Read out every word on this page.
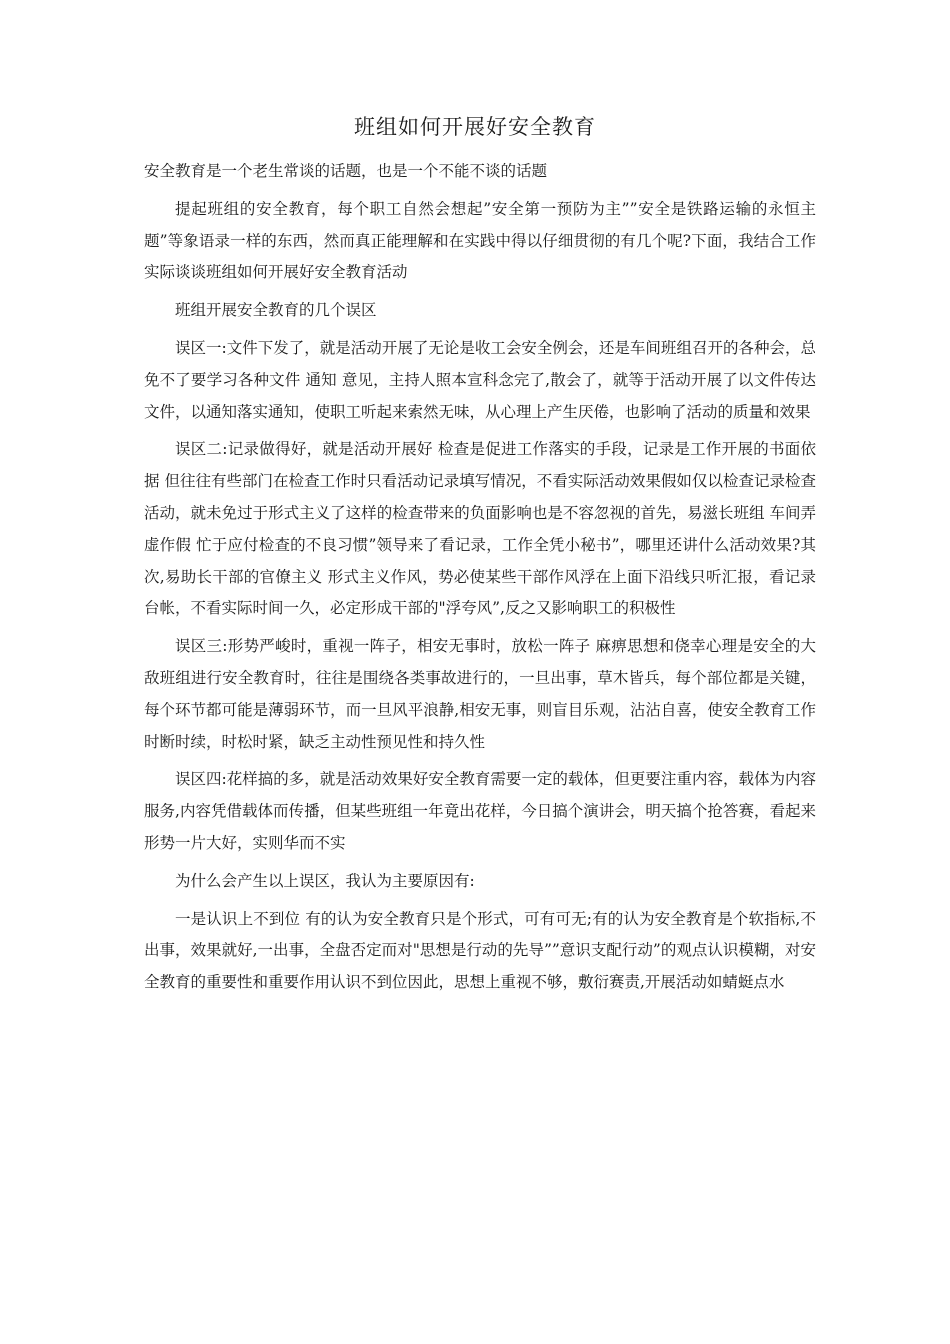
班组如何开展好安全教育

安全教育是一个老生常谈的话题，也是一个不能不谈的话题

提起班组的安全教育，每个职工自然会想起”安全第一预防为主””安全是铁路运输的永恒主题”等象语录一样的东西，然而真正能理解和在实践中得以仔细贯彻的有几个呢?下面，我结合工作实际谈谈班组如何开展好安全教育活动

班组开展安全教育的几个误区

误区一:文件下发了，就是活动开展了无论是收工会安全例会，还是车间班组召开的各种会，总免不了要学习各种文件 通知 意见，主持人照本宣科念完了,散会了，就等于活动开展了以文件传达文件，以通知落实通知，使职工听起来索然无味，从心理上产生厌倦，也影响了活动的质量和效果

误区二:记录做得好，就是活动开展好 检查是促进工作落实的手段，记录是工作开展的书面依据 但往往有些部门在检查工作时只看活动记录填写情况，不看实际活动效果假如仅以检查记录检查活动，就未免过于形式主义了这样的检查带来的负面影响也是不容忽视的首先，易滋长班组 车间弄虚作假 忙于应付检查的不良习惯”领导来了看记录，工作全凭小秘书”，哪里还讲什么活动效果?其次,易助长干部的官僚主义 形式主义作风，势必使某些干部作风浮在上面下沿线只听汇报，看记录台帐，不看实际时间一久，必定形成干部的"浮夸风”,反之又影响职工的积极性

误区三:形势严峻时，重视一阵子，相安无事时，放松一阵子 麻痹思想和侥幸心理是安全的大敌班组进行安全教育时，往往是围绕各类事故进行的，一旦出事，草木皆兵，每个部位都是关键，每个环节都可能是薄弱环节，而一旦风平浪静,相安无事，则盲目乐观，沾沾自喜，使安全教育工作时断时续，时松时紧，缺乏主动性预见性和持久性

误区四:花样搞的多，就是活动效果好安全教育需要一定的载体，但更要注重内容，载体为内容服务,内容凭借载体而传播，但某些班组一年竟出花样，今日搞个演讲会，明天搞个抢答赛，看起来形势一片大好，实则华而不实

为什么会产生以上误区，我认为主要原因有:

一是认识上不到位 有的认为安全教育只是个形式，可有可无;有的认为安全教育是个软指标,不出事，效果就好,一出事，全盘否定而对"思想是行动的先导””意识支配行动”的观点认识模糊，对安全教育的重要性和重要作用认识不到位因此，思想上重视不够，敷衍赛责,开展活动如蜻蜓点水
